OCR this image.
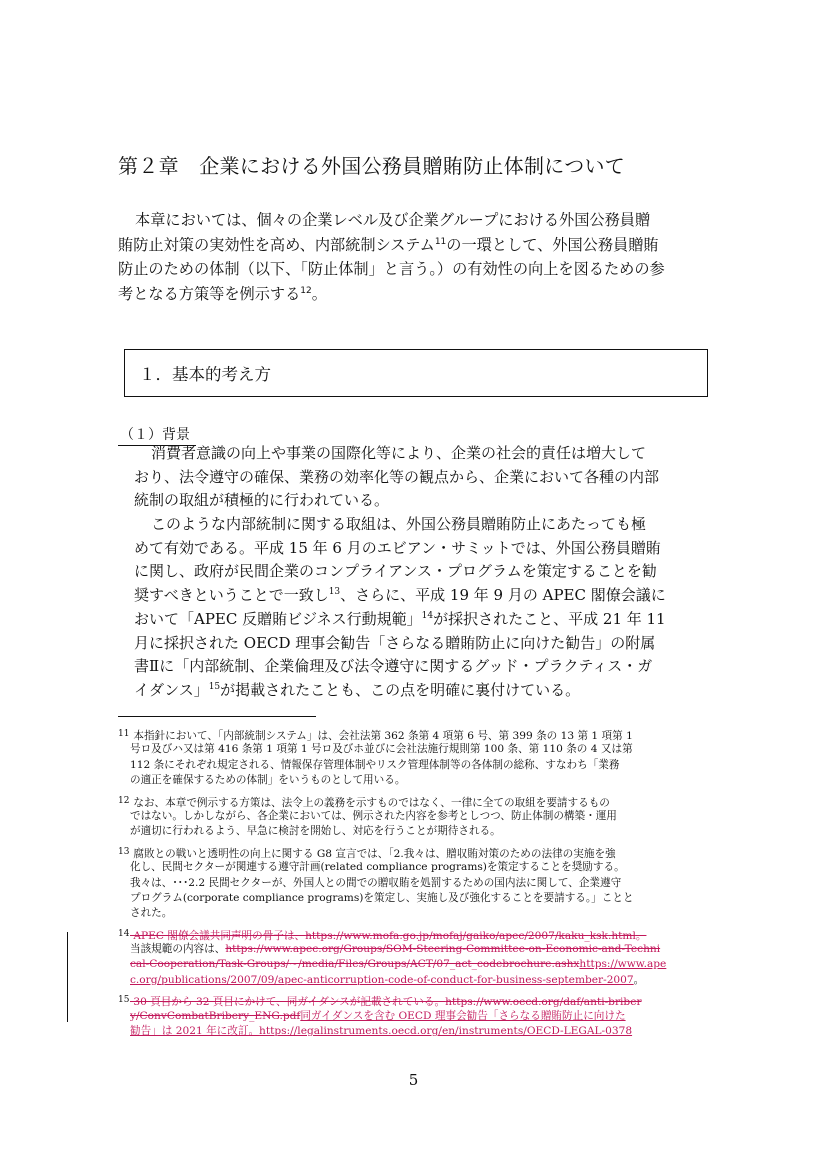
第２章　企業における外国公務員贈賄防止体制について
本章においては、個々の企業レベル及び企業グループにおける外国公務員贈
賄防止対策の実効性を高め、内部統制システム$^{11}$の一環として、外国公務員贈賄
防止のための体制（以下、「防止体制」と言う。）の有効性の向上を図るための参
考となる方策等を例示する$^{12}$。
１．基本的考え方
（１）背景
消費者意識の向上や事業の国際化等により、企業の社会的責任は増大して
おり、法令遵守の確保、業務の効率化等の観点から、企業において各種の内部
統制の取組が積極的に行われている。
このような内部統制に関する取組は、外国公務員贈賄防止にあたっても極
めて有効である。平成 15 年 6 月のエビアン・サミットでは、外国公務員贈賄
に関し、政府が民間企業のコンプライアンス・プログラムを策定することを勧
奨すべきということで一致し$^{13}$、さらに、平成 19 年 9 月の APEC 閣僚会議に
おいて「APEC 反贈賄ビジネス行動規範」$^{14}$が採択されたこと、平成 21 年 11
月に採択された OECD 理事会勧告「さらなる贈賄防止に向けた勧告」の附属
書Ⅱに「内部統制、企業倫理及び法令遵守に関するグッド・プラクティス・ガ
イダンス」$^{15}$が掲載されたことも、この点を明確に裏付けている。
11 本指針において、「内部統制システム」は、会社法第 362 条第 4 項第 6 号、第 399 条の 13 第 1 項第 1
号ロ及びハ又は第 416 条第 1 項第 1 号ロ及びホ並びに会社法施行規則第 100 条、第 110 条の 4 又は第
112 条にそれぞれ規定される、情報保存管理体制やリスク管理体制等の各体制の総称、すなわち「業務
の適正を確保するための体制」をいうものとして用いる。
12 なお、本章で例示する方策は、法令上の義務を示すものではなく、一律に全ての取組を要請するもの
ではない。しかしながら、各企業においては、例示された内容を参考としつつ、防止体制の構築・運用
が適切に行われるよう、早急に検討を開始し、対応を行うことが期待される。
13 腐敗との戦いと透明性の向上に関する G8 宣言では、「2.我々は、贈収賄対策のための法律の実施を強
化し、民間セクターが関連する遵守計画(related compliance programs)を策定することを奨励する。
我々は、･･･2.2 民間セクターが、外国人との間での贈収賄を処罰するための国内法に関して、企業遵守
プログラム(corporate compliance programs)を策定し、実施し及び強化することを要請する。」ことと
された。
14 APEC 閣僚会議共同声明の骨子は、https://www.mofa.go.jp/mofaj/gaiko/apec/2007/kaku_ksk.html。
当該規範の内容は、https://www.apec.org/Groups/SOM-Steering-Committee-on-Economic-and-Techni
cal-Cooperation/Task-Groups/~/media/Files/Groups/ACT/07_act_codebrochure.ashxhttps://www.ape
c.org/publications/2007/09/apec-anticorruption-code-of-conduct-for-business-september-2007。
15 30 頁目から 32 頁目にかけて、同ガイダンスが記載されている。https://www.oecd.org/daf/anti-briber
y/ConvCombatBribery_ENG.pdf同ガイダンスを含む OECD 理事会勧告「さらなる贈賄防止に向けた
勧告」は 2021 年に改訂。https://legalinstruments.oecd.org/en/instruments/OECD-LEGAL-0378
5
